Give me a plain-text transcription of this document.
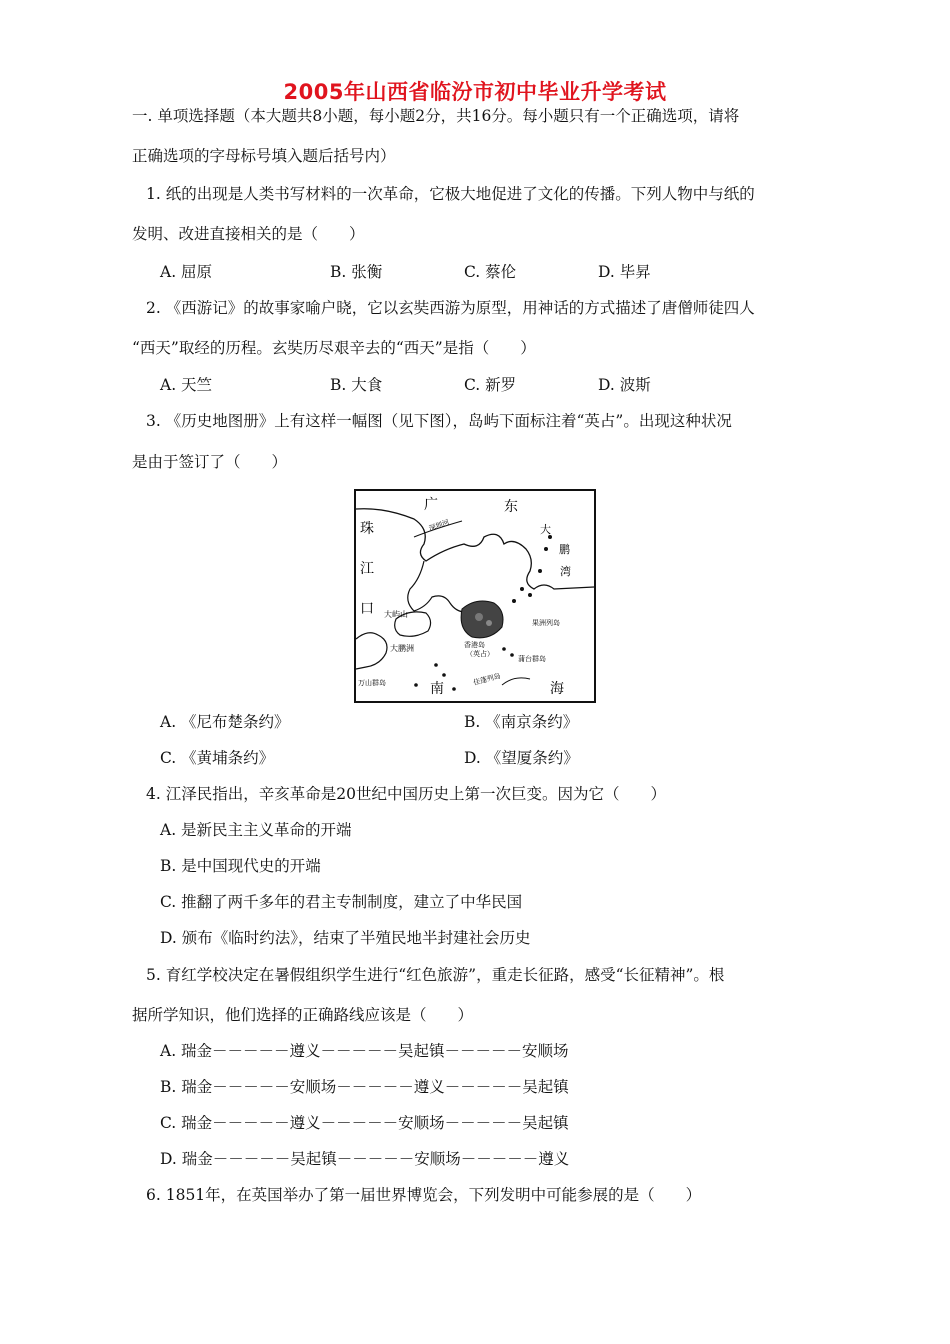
2005年山西省临汾市初中毕业升学考试
一. 单项选择题（本大题共8小题，每小题2分，共16分。每小题只有一个正确选项，请将
正确选项的字母标号填入题后括号内）
1. 纸的出现是人类书写材料的一次革命，它极大地促进了文化的传播。下列人物中与纸的
发明、改进直接相关的是（　　）
A. 屈原	B. 张衡	C. 蔡伦	D. 毕昇
2. 《西游记》的故事家喻户晓，它以玄奘西游为原型，用神话的方式描述了唐僧师徒四人
“西天”取经的历程。玄奘历尽艰辛去的“西天”是指（　　）
A. 天竺	B. 大食	C. 新罗	D. 波斯
3. 《历史地图册》上有这样一幅图（见下图），岛屿下面标注着“英占”。出现这种状况
是由于签订了（　　）
广	东
珠
江
口
大
鹏
湾
南	海
深圳河
大屿山
大鹏洲	香港岛
（英占）
果洲列岛
蒲台群岛
万山群岛	佳蓬列岛
A. 《尼布楚条约》	B. 《南京条约》
C. 《黄埔条约》	D. 《望厦条约》
4. 江泽民指出，辛亥革命是20世纪中国历史上第一次巨变。因为它（　　）
A. 是新民主主义革命的开端
B. 是中国现代史的开端
C. 推翻了两千多年的君主专制制度，建立了中华民国
D. 颁布《临时约法》，结束了半殖民地半封建社会历史
5. 育红学校决定在暑假组织学生进行“红色旅游”，重走长征路，感受“长征精神”。根
据所学知识，他们选择的正确路线应该是（　　）
A. 瑞金－－－－－遵义－－－－－吴起镇－－－－－安顺场
B. 瑞金－－－－－安顺场－－－－－遵义－－－－－吴起镇
C. 瑞金－－－－－遵义－－－－－安顺场－－－－－吴起镇
D. 瑞金－－－－－吴起镇－－－－－安顺场－－－－－遵义
6. 1851年，在英国举办了第一届世界博览会，下列发明中可能参展的是（　　）
